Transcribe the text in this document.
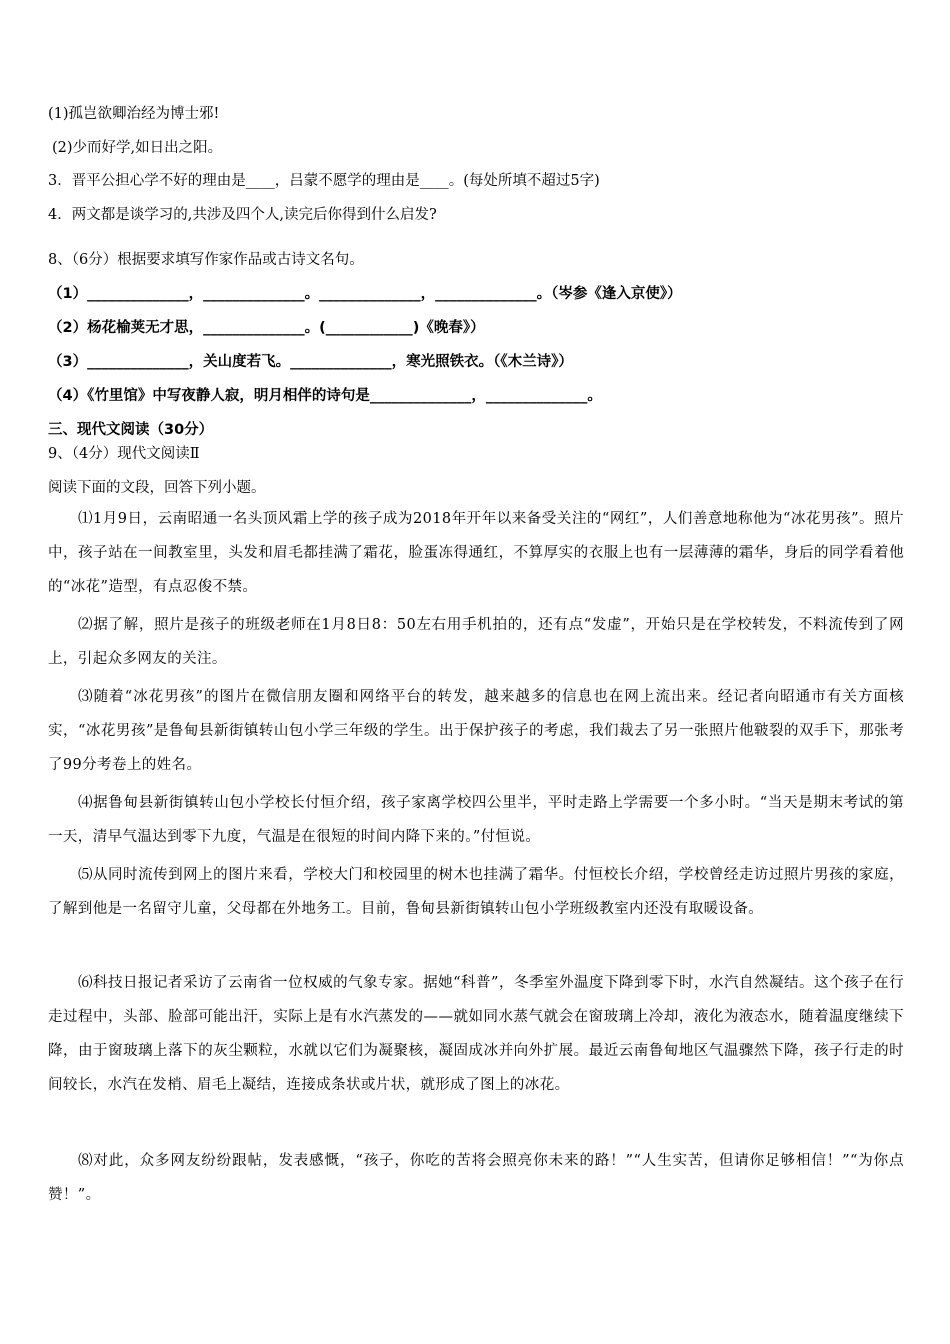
(1)孤岂欲卿治经为博士邪!
(2)少而好学,如日出之阳。
3．晋平公担心学不好的理由是____，吕蒙不愿学的理由是____。(每处所填不超过5字)
4．两文都是谈学习的,共涉及四个人,读完后你得到什么启发?
8、（6分）根据要求填写作家作品或古诗文名句。
（1）______________，______________。______________，______________。（岑参《逢入京使》）
（2）杨花榆荚无才思，______________。(____________)《晚春》）
（3）______________，关山度若飞。______________，寒光照铁衣。（《木兰诗》）
（4）《竹里馆》中写夜静人寂，明月相伴的诗句是______________，______________。
三、现代文阅读（30分）
9、（4分）现代文阅读Ⅱ
阅读下面的文段，回答下列小题。
⑴1月9日，云南昭通一名头顶风霜上学的孩子成为2018年开年以来备受关注的“网红”，人们善意地称他为“冰花男孩”。照片中，孩子站在一间教室里，头发和眉毛都挂满了霜花，脸蛋冻得通红，不算厚实的衣服上也有一层薄薄的霜华，身后的同学看着他的“冰花”造型，有点忍俊不禁。
⑵据了解，照片是孩子的班级老师在1月8日8：50左右用手机拍的，还有点“发虚”，开始只是在学校转发，不料流传到了网上，引起众多网友的关注。
⑶随着“冰花男孩”的图片在微信朋友圈和网络平台的转发，越来越多的信息也在网上流出来。经记者向昭通市有关方面核实，“冰花男孩”是鲁甸县新街镇转山包小学三年级的学生。出于保护孩子的考虑，我们裁去了另一张照片他皲裂的双手下，那张考了99分考卷上的姓名。
⑷据鲁甸县新街镇转山包小学校长付恒介绍，孩子家离学校四公里半，平时走路上学需要一个多小时。“当天是期末考试的第一天，清早气温达到零下九度，气温是在很短的时间内降下来的。”付恒说。
⑸从同时流传到网上的图片来看，学校大门和校园里的树木也挂满了霜华。付恒校长介绍，学校曾经走访过照片男孩的家庭，了解到他是一名留守儿童，父母都在外地务工。目前，鲁甸县新街镇转山包小学班级教室内还没有取暖设备。
⑹科技日报记者采访了云南省一位权威的气象专家。据她“科普”，冬季室外温度下降到零下时，水汽自然凝结。这个孩子在行走过程中，头部、脸部可能出汗，实际上是有水汽蒸发的——就如同水蒸气就会在窗玻璃上冷却，液化为液态水，随着温度继续下降，由于窗玻璃上落下的灰尘颗粒，水就以它们为凝聚核，凝固成冰并向外扩展。最近云南鲁甸地区气温骤然下降，孩子行走的时间较长，水汽在发梢、眉毛上凝结，连接成条状或片状，就形成了图上的冰花。
⑻对此，众多网友纷纷跟帖，发表感慨，“孩子，你吃的苦将会照亮你未来的路！”“人生实苦，但请你足够相信！”“为你点赞！”。
